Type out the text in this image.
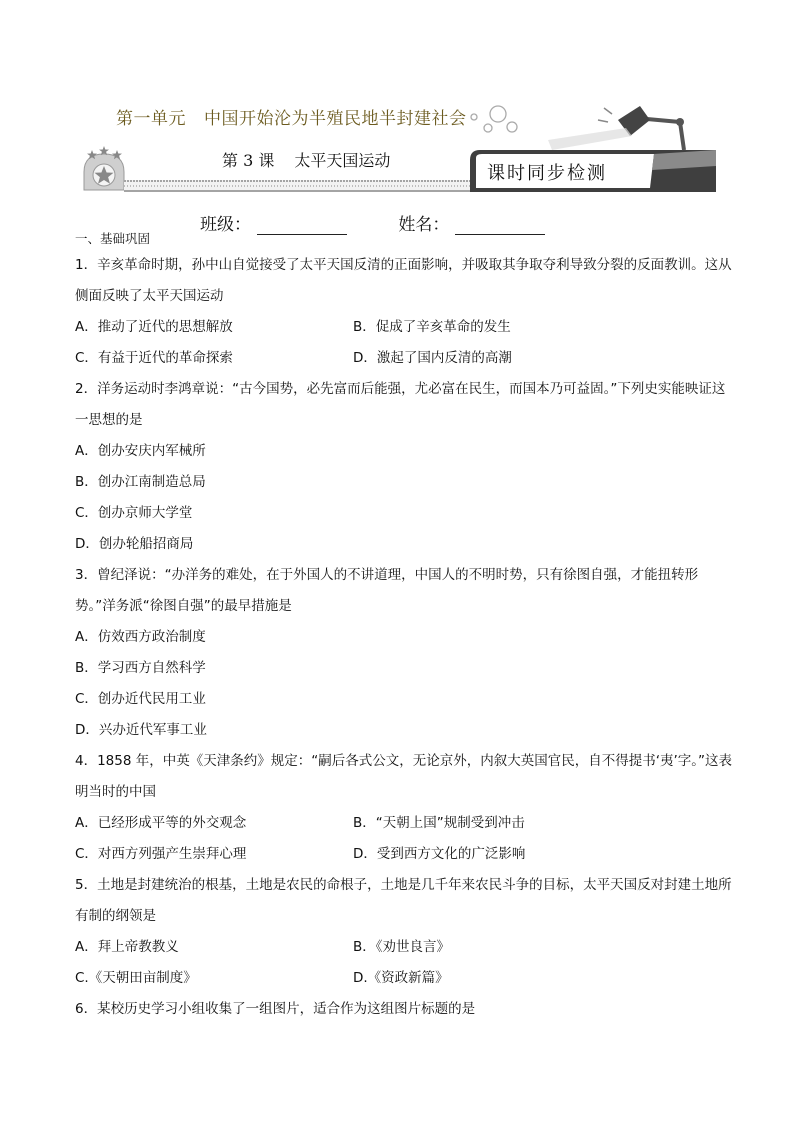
第一单元 中国开始沦为半殖民地半封建社会
第 3 课 太平天国运动
课时同步检测
班级：	姓名：
一、基础巩固
1．辛亥革命时期，孙中山自觉接受了太平天国反清的正面影响，并吸取其争取夺利导致分裂的反面教训。这从侧面反映了太平天国运动
A．推动了近代的思想解放	B．促成了辛亥革命的发生
C．有益于近代的革命探索	D．激起了国内反清的高潮
2．洋务运动时李鸿章说：“古今国势，必先富而后能强，尤必富在民生，而国本乃可益固。”下列史实能映证这一思想的是
A．创办安庆内军械所
B．创办江南制造总局
C．创办京师大学堂
D．创办轮船招商局
3．曾纪泽说：“办洋务的难处，在于外国人的不讲道理，中国人的不明时势，只有徐图自强，才能扭转形势。”洋务派“徐图自强”的最早措施是
A．仿效西方政治制度
B．学习西方自然科学
C．创办近代民用工业
D．兴办近代军事工业
4．1858 年，中英《天津条约》规定：“嗣后各式公文，无论京外，内叙大英国官民，自不得提书‘夷’字。”这表明当时的中国
A．已经形成平等的外交观念	B．“天朝上国”规制受到冲击
C．对西方列强产生崇拜心理	D．受到西方文化的广泛影响
5．土地是封建统治的根基，土地是农民的命根子，土地是几千年来农民斗争的目标，太平天国反对封建土地所有制的纲领是
A．拜上帝教教义	B．《劝世良言》
C.《天朝田亩制度》	D.《资政新篇》
6．某校历史学习小组收集了一组图片，适合作为这组图片标题的是
